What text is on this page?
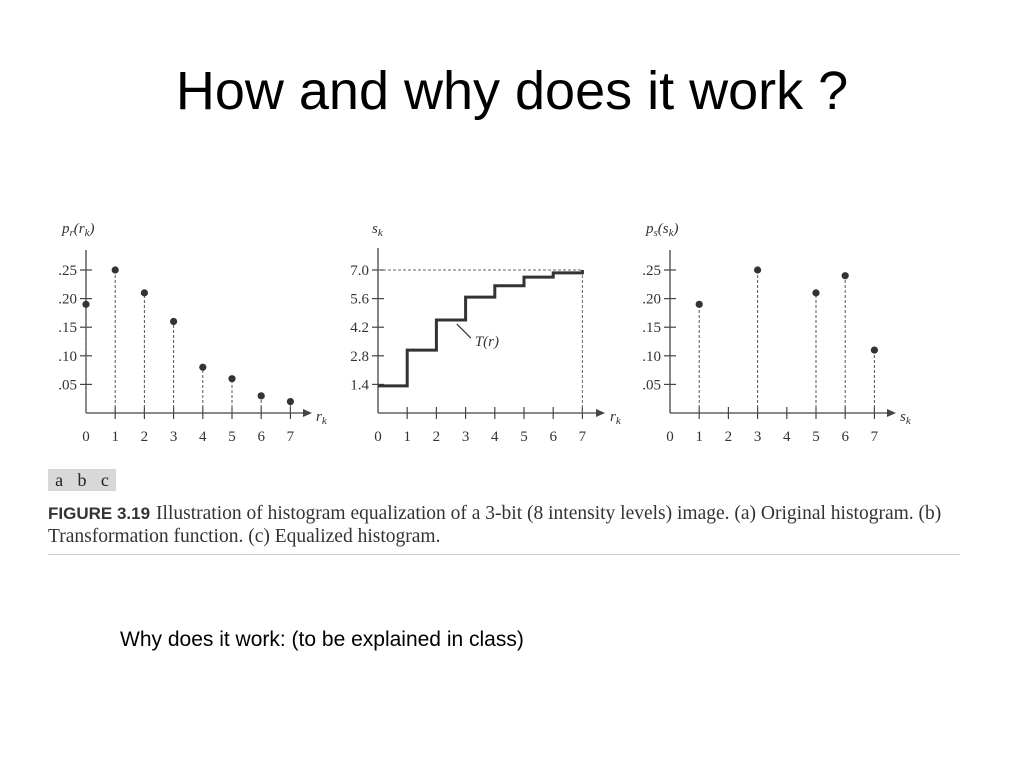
How and why does it work ?
$p_r(r_k)$
$r_k$
.05
.10
.15
.20
.25
0 1 2 3 4 5 6 7
$s_k$
$r_k$
1.4
2.8
4.2
5.6
7.0
0 1 2 3 4 5 6 7
T(r)
$p_s(s_k)$
$s_k$
.05
.10
.15
.20
.25
0 1 2 3 4 5 6 7
a b c
FIGURE 3.19 Illustration of histogram equalization of a 3-bit (8 intensity levels) image. (a) Original histogram. (b) Transformation function. (c) Equalized histogram.
Why does it work: (to be explained in class)
